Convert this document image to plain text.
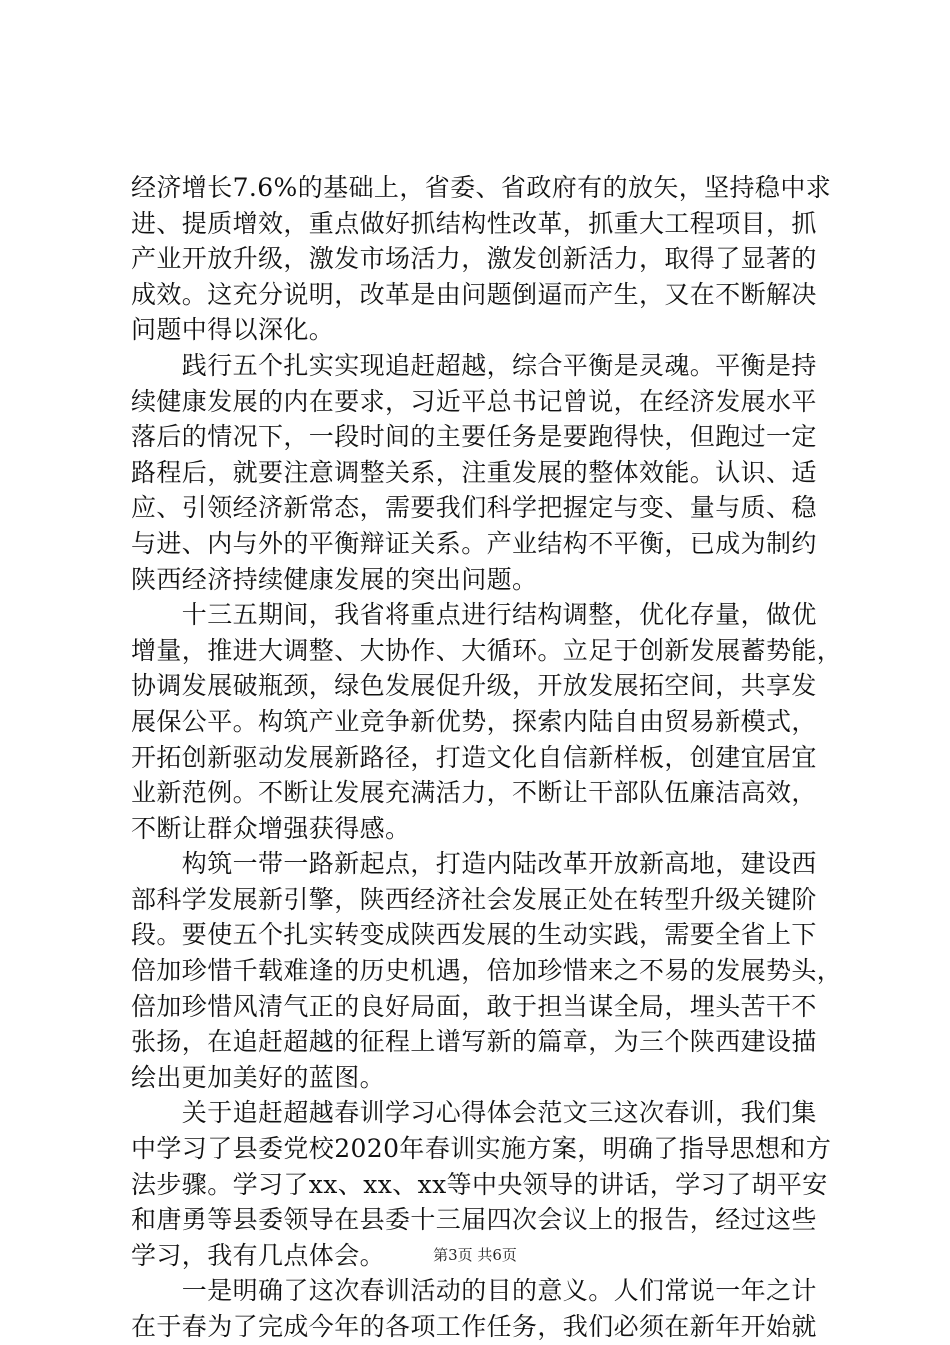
经济增长7.6%的基础上，省委、省政府有的放矢，坚持稳中求
进、提质增效，重点做好抓结构性改革，抓重大工程项目，抓
产业开放升级，激发市场活力，激发创新活力，取得了显著的
成效。这充分说明，改革是由问题倒逼而产生，又在不断解决
问题中得以深化。
　　践行五个扎实实现追赶超越，综合平衡是灵魂。平衡是持
续健康发展的内在要求，习近平总书记曾说，在经济发展水平
落后的情况下，一段时间的主要任务是要跑得快，但跑过一定
路程后，就要注意调整关系，注重发展的整体效能。认识、适
应、引领经济新常态，需要我们科学把握定与变、量与质、稳
与进、内与外的平衡辩证关系。产业结构不平衡，已成为制约
陕西经济持续健康发展的突出问题。
　　十三五期间，我省将重点进行结构调整，优化存量，做优
增量，推进大调整、大协作、大循环。立足于创新发展蓄势能，
协调发展破瓶颈，绿色发展促升级，开放发展拓空间，共享发
展保公平。构筑产业竞争新优势，探索内陆自由贸易新模式，
开拓创新驱动发展新路径，打造文化自信新样板，创建宜居宜
业新范例。不断让发展充满活力，不断让干部队伍廉洁高效，
不断让群众增强获得感。
　　构筑一带一路新起点，打造内陆改革开放新高地，建设西
部科学发展新引擎，陕西经济社会发展正处在转型升级关键阶
段。要使五个扎实转变成陕西发展的生动实践，需要全省上下
倍加珍惜千载难逢的历史机遇，倍加珍惜来之不易的发展势头，
倍加珍惜风清气正的良好局面，敢于担当谋全局，埋头苦干不
张扬，在追赶超越的征程上谱写新的篇章，为三个陕西建设描
绘出更加美好的蓝图。
　　关于追赶超越春训学习心得体会范文三这次春训，我们集
中学习了县委党校2020年春训实施方案，明确了指导思想和方
法步骤。学习了xx、xx、xx等中央领导的讲话，学习了胡平安
和唐勇等县委领导在县委十三届四次会议上的报告，经过这些
学习，我有几点体会。
　　一是明确了这次春训活动的目的意义。人们常说一年之计
在于春为了完成今年的各项工作任务，我们必须在新年开始就
第3页 共6页
